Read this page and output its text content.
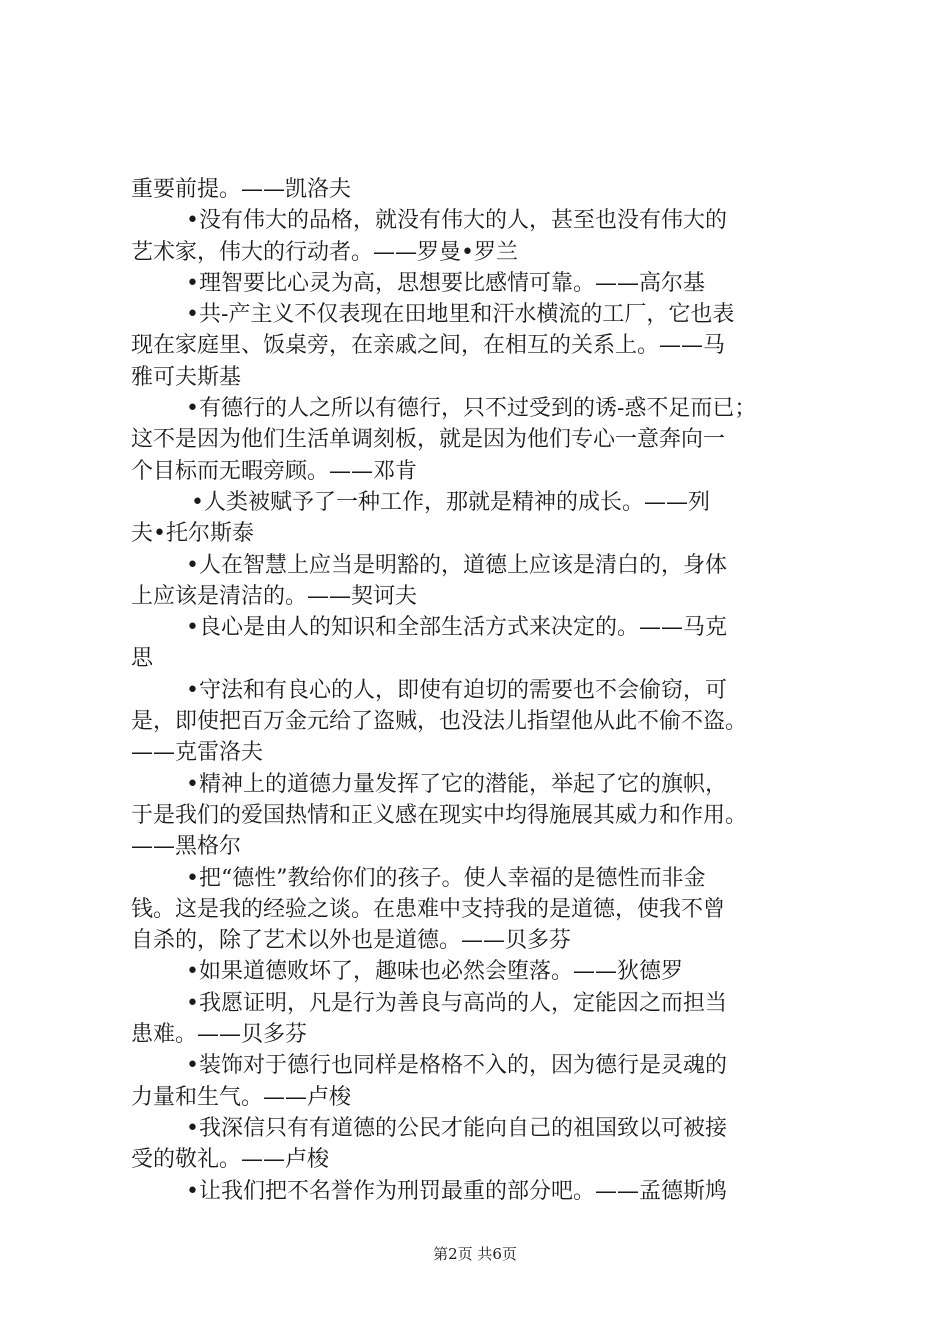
重要前提。——凯洛夫
•没有伟大的品格，就没有伟大的人，甚至也没有伟大的
艺术家，伟大的行动者。——罗曼•罗兰
•理智要比心灵为高，思想要比感情可靠。——高尔基
•共-产主义不仅表现在田地里和汗水横流的工厂，它也表
现在家庭里、饭桌旁，在亲戚之间，在相互的关系上。——马
雅可夫斯基
•有德行的人之所以有德行，只不过受到的诱-惑不足而已；
这不是因为他们生活单调刻板，就是因为他们专心一意奔向一
个目标而无暇旁顾。——邓肯
•人类被赋予了一种工作，那就是精神的成长。——列
夫•托尔斯泰
•人在智慧上应当是明豁的，道德上应该是清白的，身体
上应该是清洁的。——契诃夫
•良心是由人的知识和全部生活方式来决定的。——马克
思
•守法和有良心的人，即使有迫切的需要也不会偷窃，可
是，即使把百万金元给了盗贼，也没法儿指望他从此不偷不盗。
——克雷洛夫
•精神上的道德力量发挥了它的潜能，举起了它的旗帜，
于是我们的爱国热情和正义感在现实中均得施展其威力和作用。
——黑格尔
•把“德性”教给你们的孩子。使人幸福的是德性而非金
钱。这是我的经验之谈。在患难中支持我的是道德，使我不曾
自杀的，除了艺术以外也是道德。——贝多芬
•如果道德败坏了，趣味也必然会堕落。——狄德罗
•我愿证明，凡是行为善良与高尚的人，定能因之而担当
患难。——贝多芬
•装饰对于德行也同样是格格不入的，因为德行是灵魂的
力量和生气。——卢梭
•我深信只有有道德的公民才能向自己的祖国致以可被接
受的敬礼。——卢梭
•让我们把不名誉作为刑罚最重的部分吧。——孟德斯鸠
第2页 共6页
